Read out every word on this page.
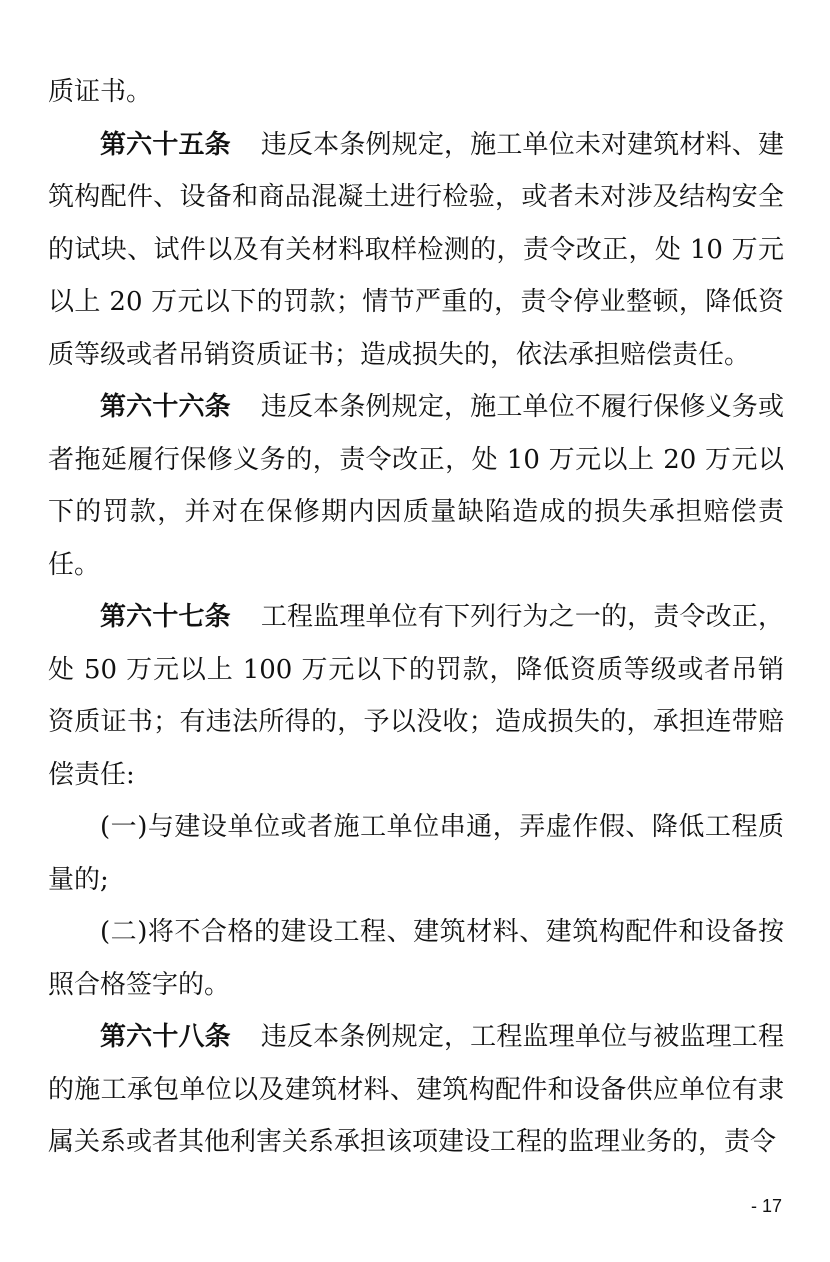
质证书。

第六十五条 违反本条例规定，施工单位未对建筑材料、建筑构配件、设备和商品混凝土进行检验，或者未对涉及结构安全的试块、试件以及有关材料取样检测的，责令改正，处 10 万元以上 20 万元以下的罚款；情节严重的，责令停业整顿，降低资质等级或者吊销资质证书；造成损失的，依法承担赔偿责任。

第六十六条 违反本条例规定，施工单位不履行保修义务或者拖延履行保修义务的，责令改正，处 10 万元以上 20 万元以下的罚款，并对在保修期内因质量缺陷造成的损失承担赔偿责任。

第六十七条 工程监理单位有下列行为之一的，责令改正，处 50 万元以上 100 万元以下的罚款，降低资质等级或者吊销资质证书；有违法所得的，予以没收；造成损失的，承担连带赔偿责任:

(一)与建设单位或者施工单位串通，弄虚作假、降低工程质量的;

(二)将不合格的建设工程、建筑材料、建筑构配件和设备按照合格签字的。

第六十八条 违反本条例规定，工程监理单位与被监理工程的施工承包单位以及建筑材料、建筑构配件和设备供应单位有隶属关系或者其他利害关系承担该项建设工程的监理业务的，责令

- 17
